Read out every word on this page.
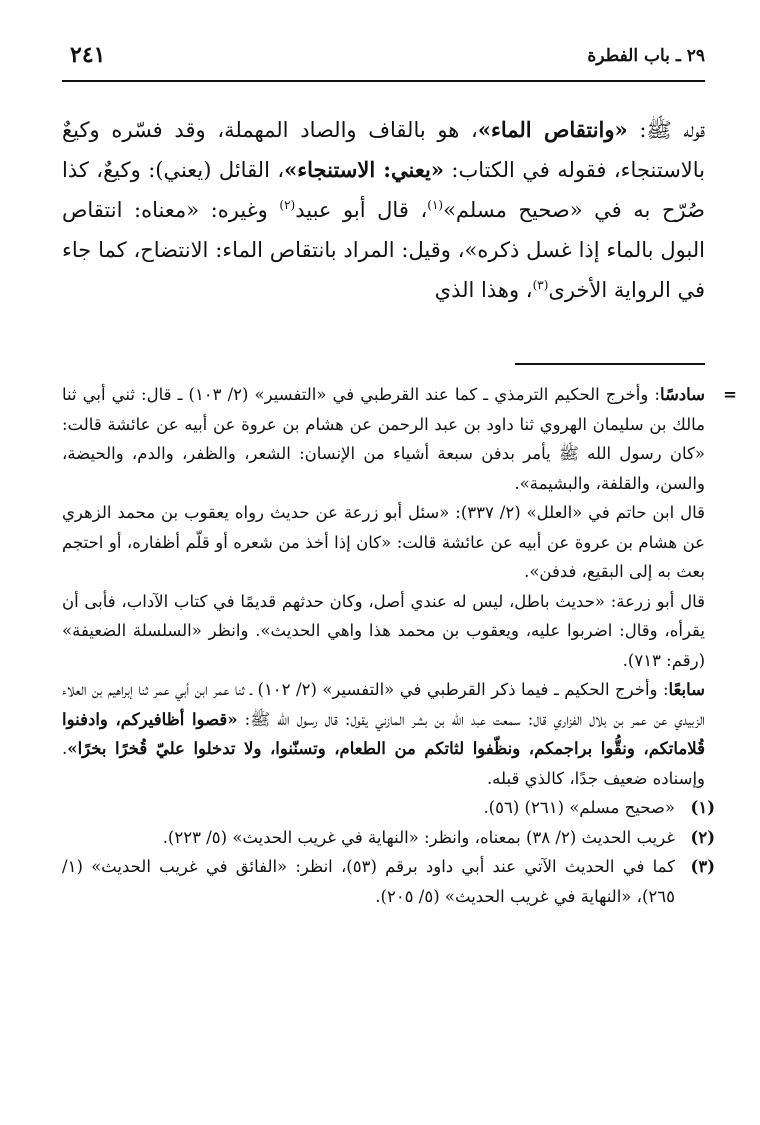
٢٩ ـ باب الفطرة
٢٤١

قوله ﷺ: «وانتقاص الماء»، هو بالقاف والصاد المهملة، وقد فسّره وكيعٌ بالاستنجاء، فقوله في الكتاب: «يعني: الاستنجاء»، القائل (يعني): وكيعٌ، كذا صُرّح به في «صحيح مسلم»$^{(١)}$، قال أبو عبيد$^{(٢)}$ وغيره: «معناه: انتقاص البول بالماء إذا غسل ذكره»، وقيل: المراد بانتقاص الماء: الانتضاح، كما جاء في الرواية الأخرى$^{(٣)}$، وهذا الذي

=

سادسًا: وأخرج الحكيم الترمذي ـ كما عند القرطبي في «التفسير» (٢/ ١٠٣) ـ قال: ثني أبي ثنا مالك بن سليمان الهروي ثنا داود بن عبد الرحمن عن هشام بن عروة عن أبيه عن عائشة قالت: «كان رسول الله ﷺ يأمر بدفن سبعة أشياء من الإنسان: الشعر، والظفر، والدم، والحيضة، والسن، والقلفة، والبشيمة».

قال ابن حاتم في «العلل» (٢/ ٣٣٧): «سئل أبو زرعة عن حديث رواه يعقوب بن محمد الزهري عن هشام بن عروة عن أبيه عن عائشة قالت: «كان إذا أخذ من شعره أو قلّم أظفاره، أو احتجم بعث به إلى البقيع، فدفن».

قال أبو زرعة: «حديث باطل، ليس له عندي أصل، وكان حدثهم قديمًا في كتاب الآداب، فأبى أن يقرأه، وقال: اضربوا عليه، ويعقوب بن محمد هذا واهي الحديث». وانظر «السلسلة الضعيفة» (رقم: ٧١٣).

سابعًا: وأخرج الحكيم ـ فيما ذكر القرطبي في «التفسير» (٢/ ١٠٢) ـ ثنا عمر ابن أبي عمر ثنا إبراهيم بن العلاء الزبيدي عن عمر بن بلال الفزاري قال: سمعت عبد الله بن بشر المازني يقول: قال رسول الله ﷺ: «قصوا أظافيركم، وادفنوا قُلاماتكم، ونقُّوا براجمكم، ونظّفوا لثاتكم من الطعام، وتسنّنوا، ولا تدخلوا عليّ قُخرًا بخرًا». وإسناده ضعيف جدًا، كالذي قبله.

(١)
«صحيح مسلم» (٢٦١) (٥٦).
(٢)
غريب الحديث (٢/ ٣٨) بمعناه، وانظر: «النهاية في غريب الحديث» (٥/ ٢٢٣).
(٣)
كما في الحديث الآتي عند أبي داود برقم (٥٣)، انظر: «الفائق في غريب الحديث» (١/ ٢٦٥)، «النهاية في غريب الحديث» (٥/ ٢٠٥).
